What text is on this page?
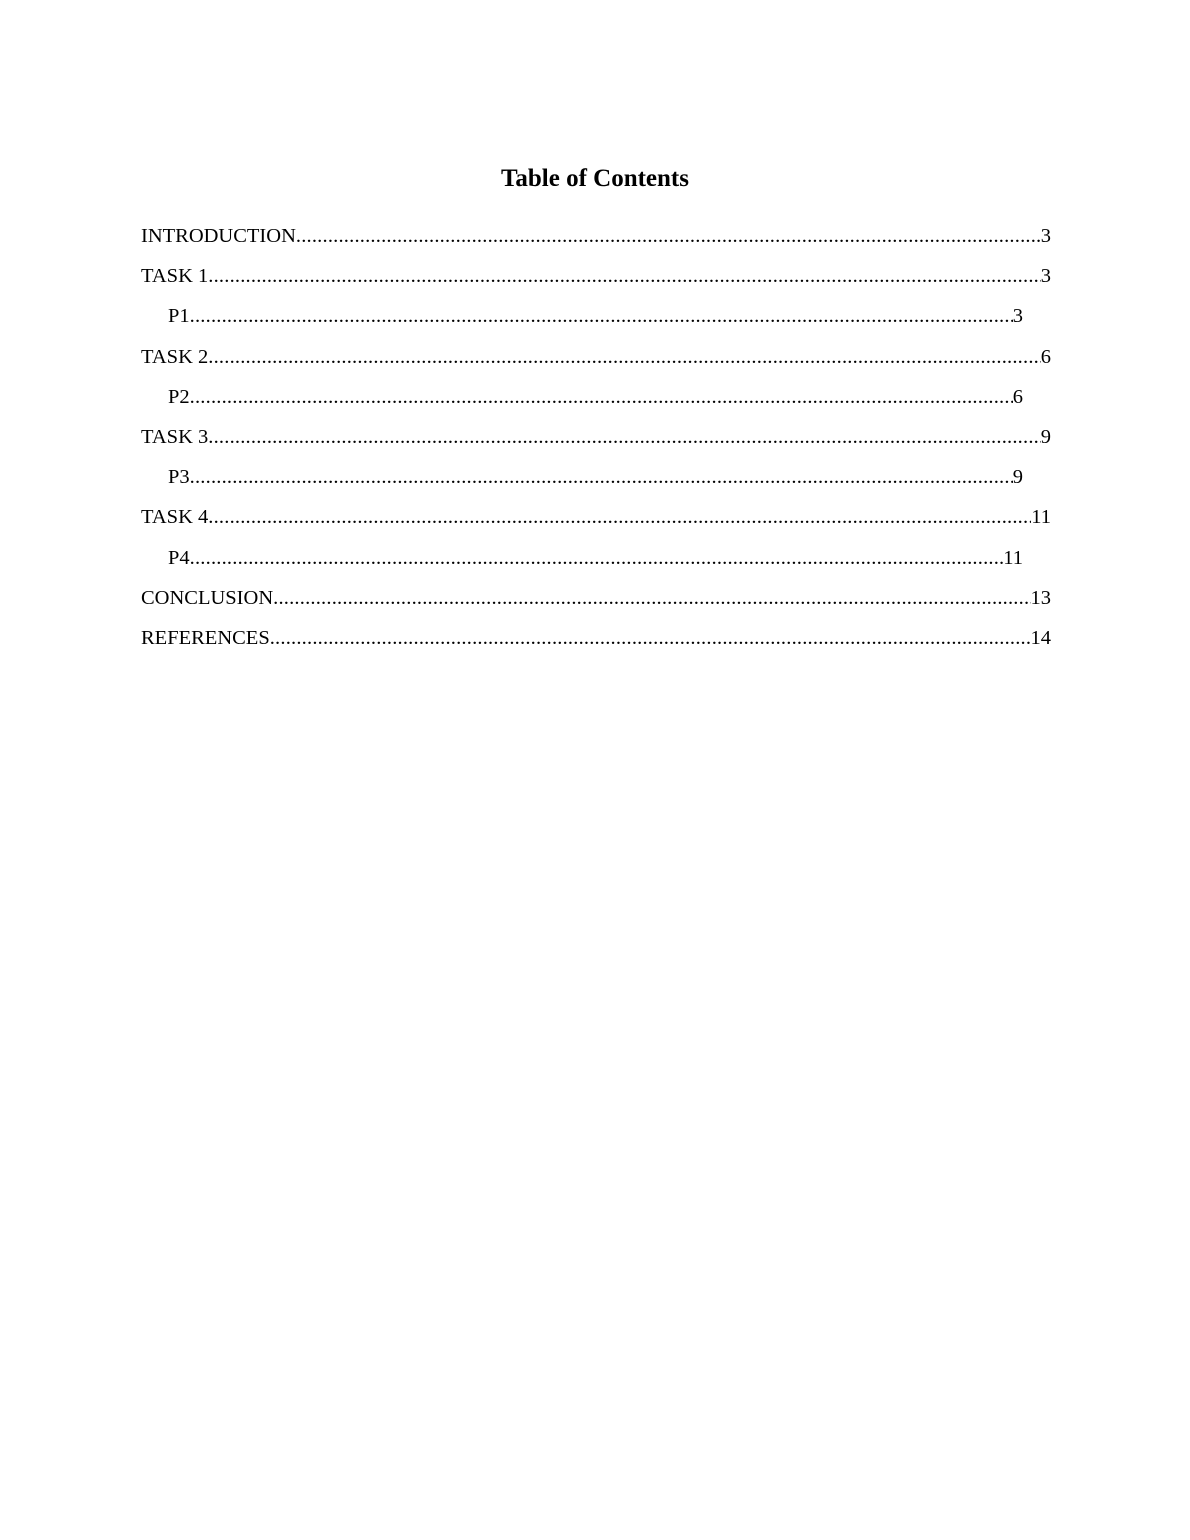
Table of Contents
INTRODUCTION .....	3
TASK 1 .....	3
P1 .....	3
TASK 2 .....	6
P2 .....	6
TASK 3 .....	9
P3 .....	9
TASK 4 .....	11
P4 .....	11
CONCLUSION .....	13
REFERENCES .....	14
